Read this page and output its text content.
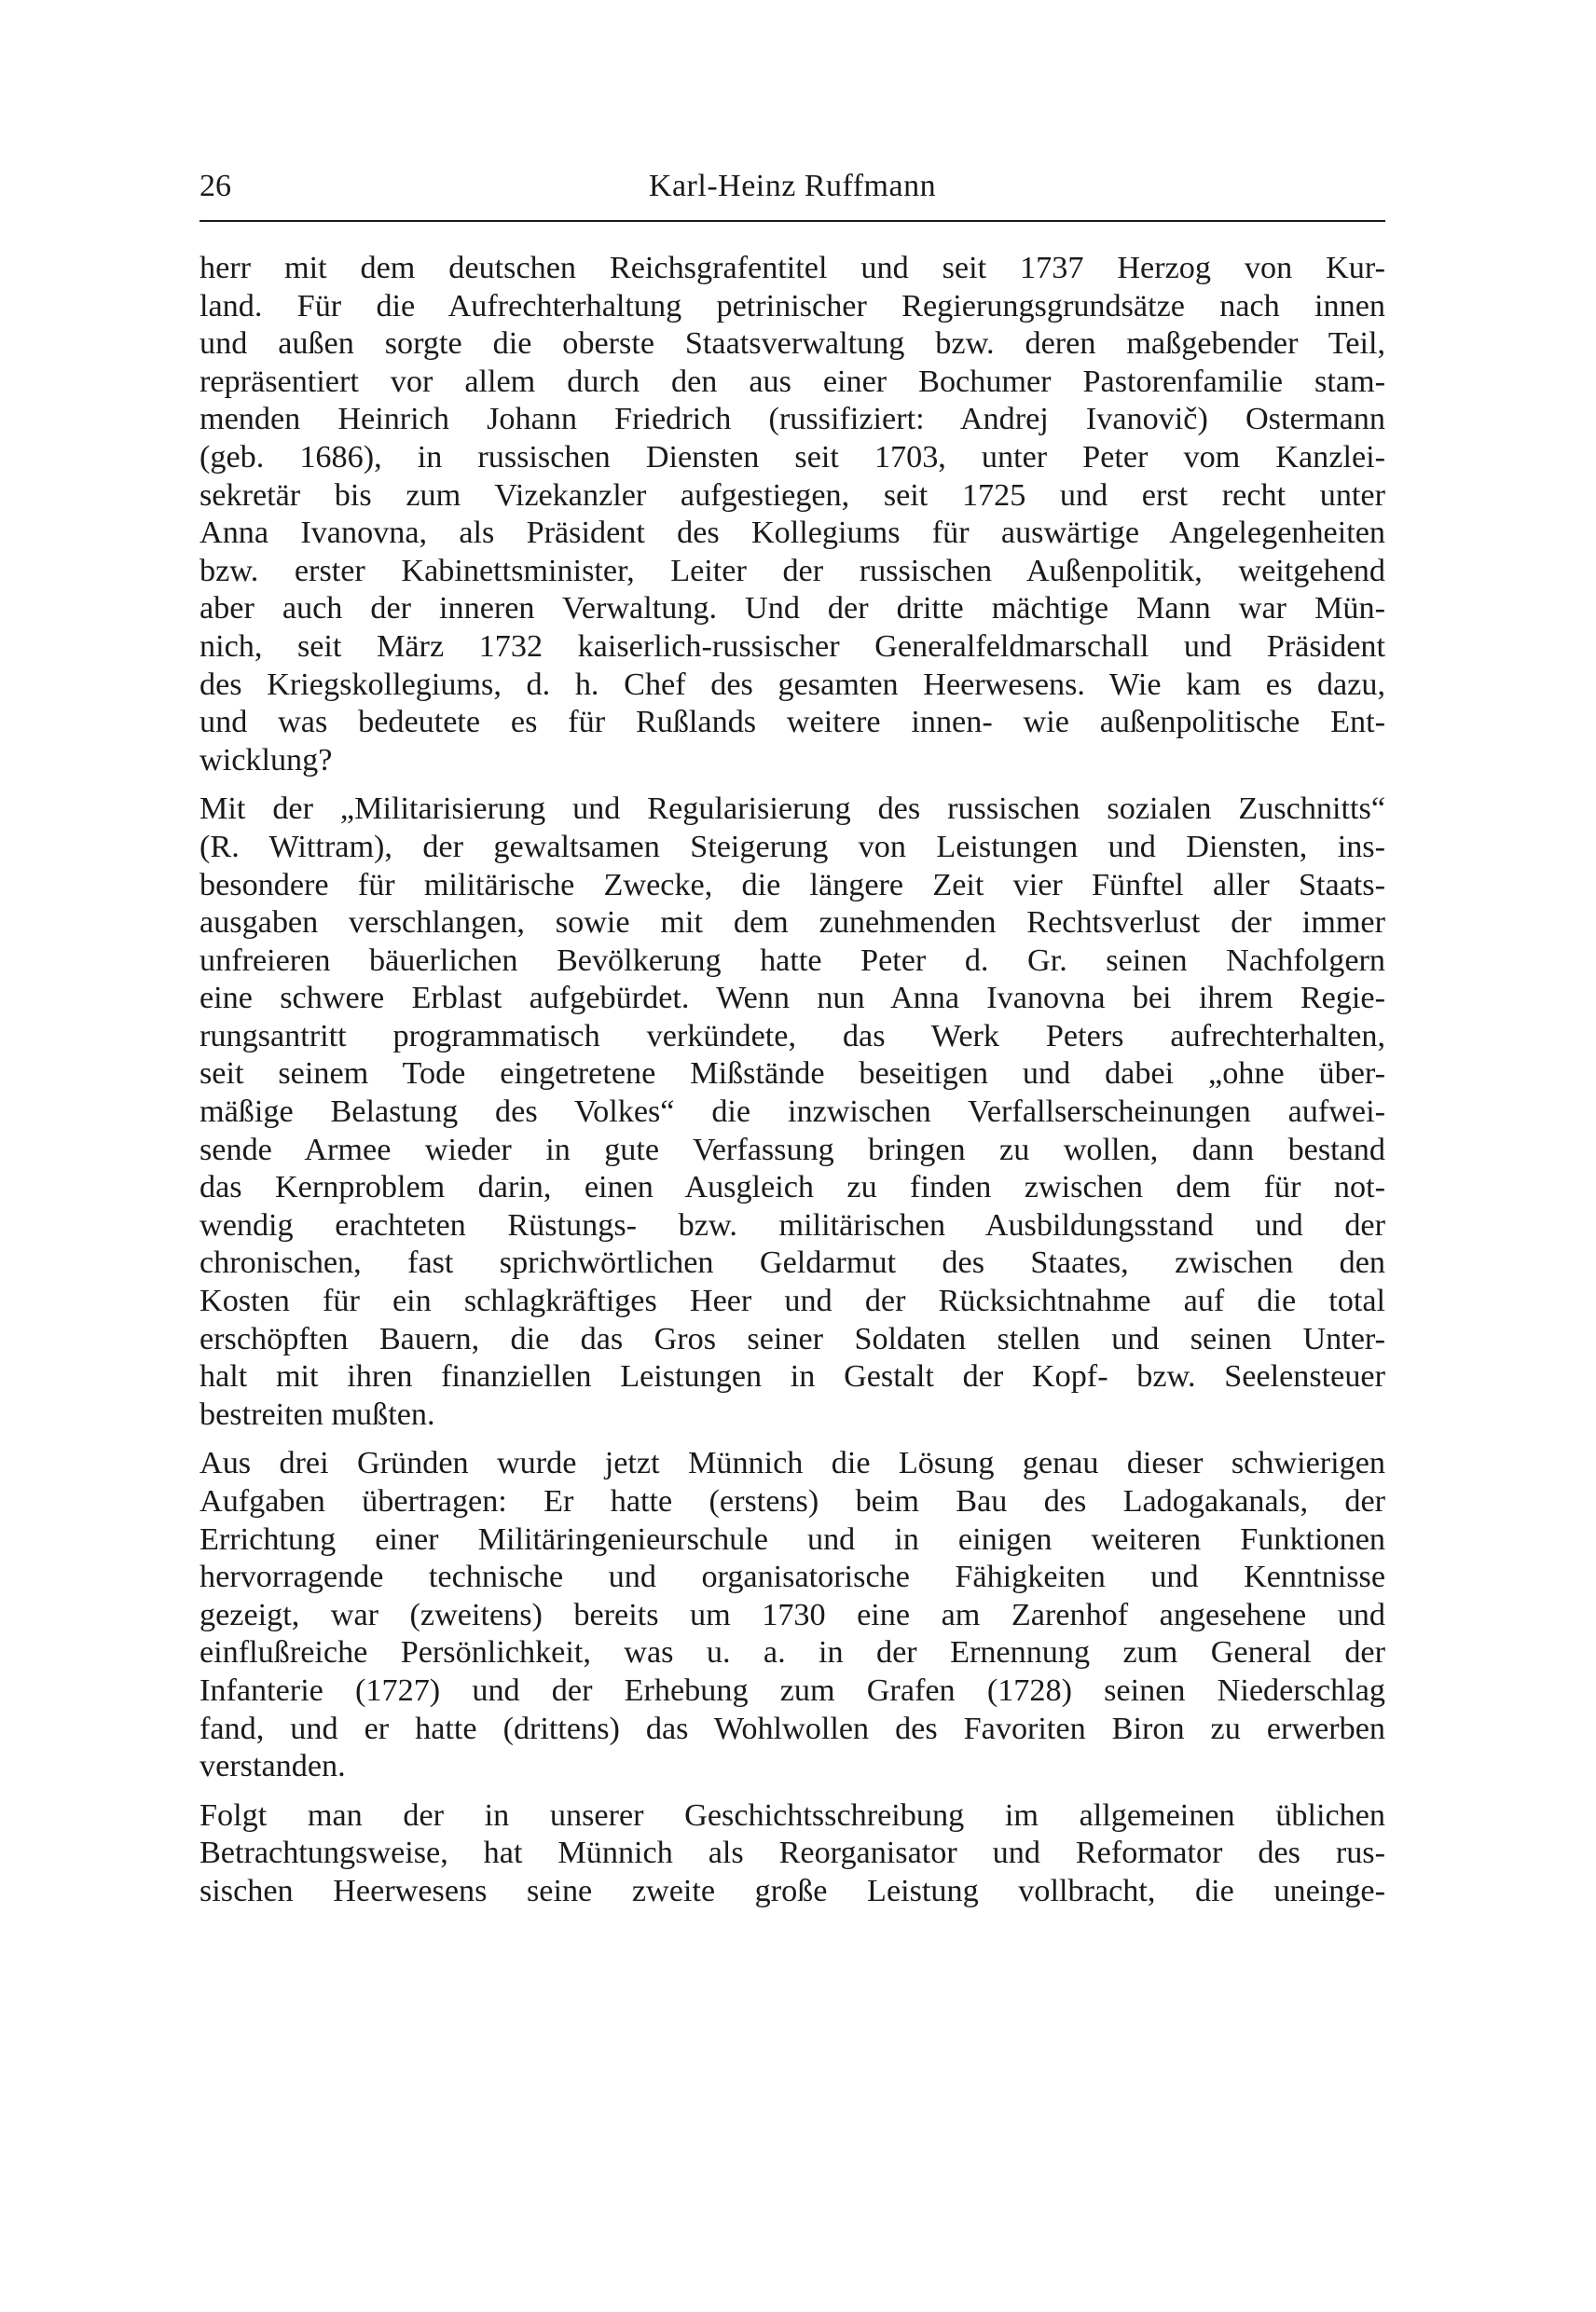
26	Karl-Heinz Ruffmann

herr mit dem deutschen Reichsgrafentitel und seit 1737 Herzog von Kur-
land. Für die Aufrechterhaltung petrinischer Regierungsgrundsätze nach innen
und außen sorgte die oberste Staatsverwaltung bzw. deren maßgebender Teil,
repräsentiert vor allem durch den aus einer Bochumer Pastorenfamilie stam-
menden Heinrich Johann Friedrich (russifiziert: Andrej Ivanovič) Ostermann
(geb. 1686), in russischen Diensten seit 1703, unter Peter vom Kanzlei-
sekretär bis zum Vizekanzler aufgestiegen, seit 1725 und erst recht unter
Anna Ivanovna, als Präsident des Kollegiums für auswärtige Angelegenheiten
bzw. erster Kabinettsminister, Leiter der russischen Außenpolitik, weitgehend
aber auch der inneren Verwaltung. Und der dritte mächtige Mann war Mün-
nich, seit März 1732 kaiserlich-russischer Generalfeldmarschall und Präsident
des Kriegskollegiums, d. h. Chef des gesamten Heerwesens. Wie kam es dazu,
und was bedeutete es für Rußlands weitere innen- wie außenpolitische Ent-
wicklung?

Mit der „Militarisierung und Regularisierung des russischen sozialen Zuschnitts“
(R. Wittram), der gewaltsamen Steigerung von Leistungen und Diensten, ins-
besondere für militärische Zwecke, die längere Zeit vier Fünftel aller Staats-
ausgaben verschlangen, sowie mit dem zunehmenden Rechtsverlust der immer
unfreieren bäuerlichen Bevölkerung hatte Peter d. Gr. seinen Nachfolgern
eine schwere Erblast aufgebürdet. Wenn nun Anna Ivanovna bei ihrem Regie-
rungsantritt programmatisch verkündete, das Werk Peters aufrechterhalten,
seit seinem Tode eingetretene Mißstände beseitigen und dabei „ohne über-
mäßige Belastung des Volkes“ die inzwischen Verfallserscheinungen aufwei-
sende Armee wieder in gute Verfassung bringen zu wollen, dann bestand
das Kernproblem darin, einen Ausgleich zu finden zwischen dem für not-
wendig erachteten Rüstungs- bzw. militärischen Ausbildungsstand und der
chronischen, fast sprichwörtlichen Geldarmut des Staates, zwischen den
Kosten für ein schlagkräftiges Heer und der Rücksichtnahme auf die total
erschöpften Bauern, die das Gros seiner Soldaten stellen und seinen Unter-
halt mit ihren finanziellen Leistungen in Gestalt der Kopf- bzw. Seelensteuer
bestreiten mußten.

Aus drei Gründen wurde jetzt Münnich die Lösung genau dieser schwierigen
Aufgaben übertragen: Er hatte (erstens) beim Bau des Ladogakanals, der
Errichtung einer Militäringenieurschule und in einigen weiteren Funktionen
hervorragende technische und organisatorische Fähigkeiten und Kenntnisse
gezeigt, war (zweitens) bereits um 1730 eine am Zarenhof angesehene und
einflußreiche Persönlichkeit, was u. a. in der Ernennung zum General der
Infanterie (1727) und der Erhebung zum Grafen (1728) seinen Niederschlag
fand, und er hatte (drittens) das Wohlwollen des Favoriten Biron zu erwerben
verstanden.

Folgt man der in unserer Geschichtsschreibung im allgemeinen üblichen
Betrachtungsweise, hat Münnich als Reorganisator und Reformator des rus-
sischen Heerwesens seine zweite große Leistung vollbracht, die uneinge-
